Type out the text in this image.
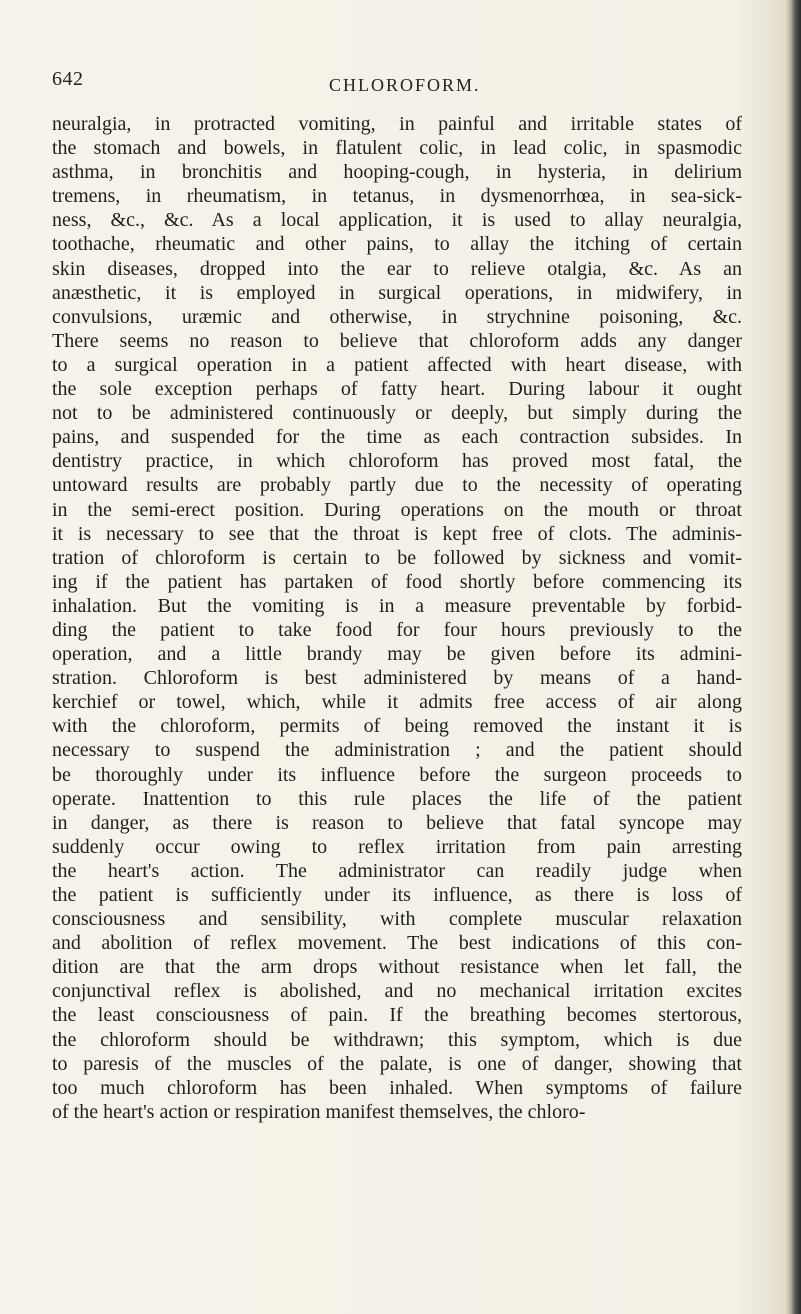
642	CHLOROFORM.
neuralgia, in protracted vomiting, in painful and irritable states of
the stomach and bowels, in flatulent colic, in lead colic, in spasmodic
asthma, in bronchitis and hooping-cough, in hysteria, in delirium
tremens, in rheumatism, in tetanus, in dysmenorrhœa, in sea-sick-
ness, &c., &c. As a local application, it is used to allay neuralgia,
toothache, rheumatic and other pains, to allay the itching of certain
skin diseases, dropped into the ear to relieve otalgia, &c. As an
anæsthetic, it is employed in surgical operations, in midwifery, in
convulsions, uræmic and otherwise, in strychnine poisoning, &c.
There seems no reason to believe that chloroform adds any danger
to a surgical operation in a patient affected with heart disease, with
the sole exception perhaps of fatty heart. During labour it ought
not to be administered continuously or deeply, but simply during the
pains, and suspended for the time as each contraction subsides. In
dentistry practice, in which chloroform has proved most fatal, the
untoward results are probably partly due to the necessity of operating
in the semi-erect position. During operations on the mouth or throat
it is necessary to see that the throat is kept free of clots. The adminis-
tration of chloroform is certain to be followed by sickness and vomit-
ing if the patient has partaken of food shortly before commencing its
inhalation. But the vomiting is in a measure preventable by forbid-
ding the patient to take food for four hours previously to the
operation, and a little brandy may be given before its admini-
stration. Chloroform is best administered by means of a hand-
kerchief or towel, which, while it admits free access of air along
with the chloroform, permits of being removed the instant it is
necessary to suspend the administration ; and the patient should
be thoroughly under its influence before the surgeon proceeds to
operate. Inattention to this rule places the life of the patient
in danger, as there is reason to believe that fatal syncope may
suddenly occur owing to reflex irritation from pain arresting
the heart's action. The administrator can readily judge when
the patient is sufficiently under its influence, as there is loss of
consciousness and sensibility, with complete muscular relaxation
and abolition of reflex movement. The best indications of this con-
dition are that the arm drops without resistance when let fall, the
conjunctival reflex is abolished, and no mechanical irritation excites
the least consciousness of pain. If the breathing becomes stertorous,
the chloroform should be withdrawn; this symptom, which is due
to paresis of the muscles of the palate, is one of danger, showing that
too much chloroform has been inhaled. When symptoms of failure
of the heart's action or respiration manifest themselves, the chloro-
